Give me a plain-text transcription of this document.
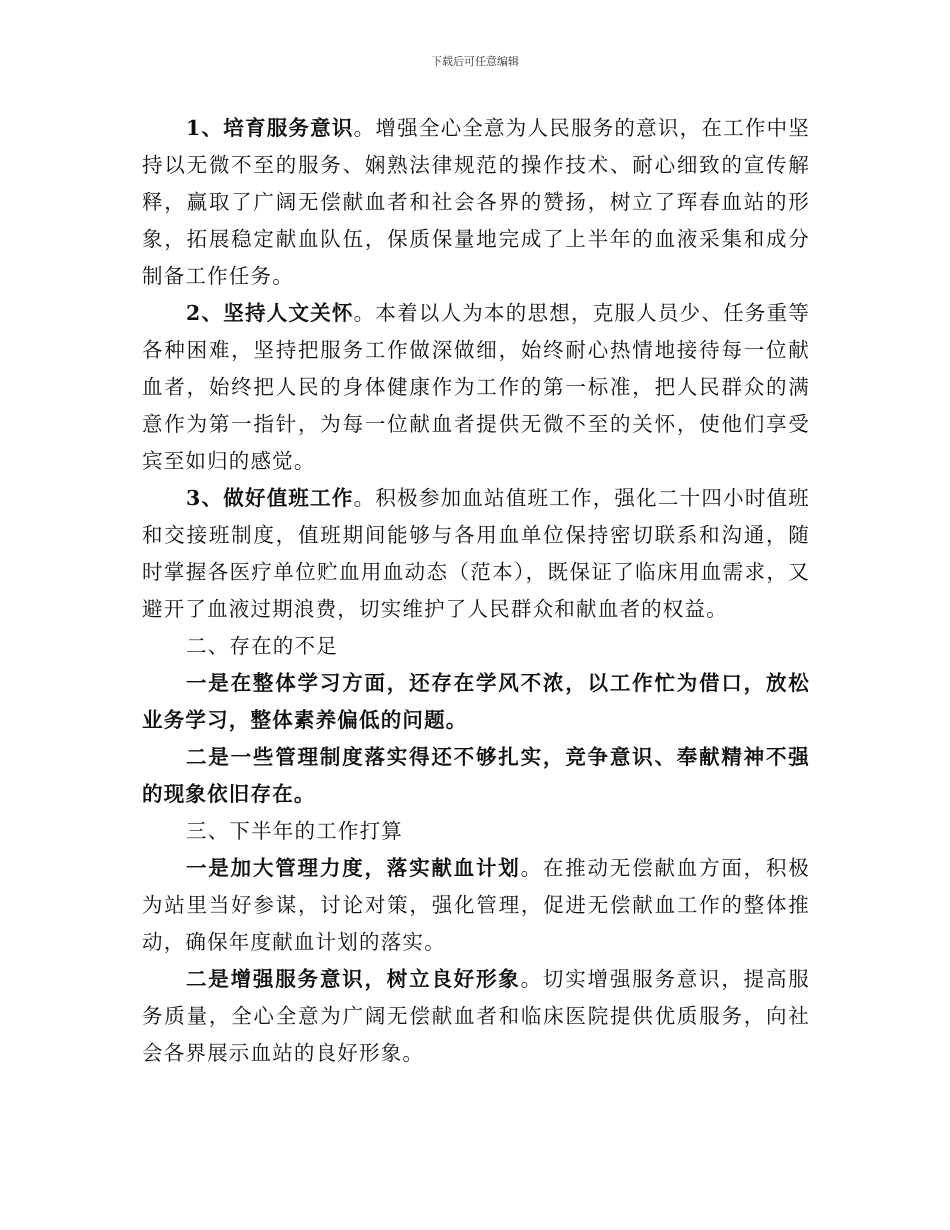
下载后可任意编辑

1、培育服务意识。增强全心全意为人民服务的意识，在工作中坚持以无微不至的服务、娴熟法律规范的操作技术、耐心细致的宣传解释，赢取了广阔无偿献血者和社会各界的赞扬，树立了珲春血站的形象，拓展稳定献血队伍，保质保量地完成了上半年的血液采集和成分制备工作任务。

2、坚持人文关怀。本着以人为本的思想，克服人员少、任务重等各种困难，坚持把服务工作做深做细，始终耐心热情地接待每一位献血者，始终把人民的身体健康作为工作的第一标准，把人民群众的满意作为第一指针，为每一位献血者提供无微不至的关怀，使他们享受宾至如归的感觉。

3、做好值班工作。积极参加血站值班工作，强化二十四小时值班和交接班制度，值班期间能够与各用血单位保持密切联系和沟通，随时掌握各医疗单位贮血用血动态（范本），既保证了临床用血需求，又避开了血液过期浪费，切实维护了人民群众和献血者的权益。

二、存在的不足

一是在整体学习方面，还存在学风不浓，以工作忙为借口，放松业务学习，整体素养偏低的问题。

二是一些管理制度落实得还不够扎实，竞争意识、奉献精神不强的现象依旧存在。

三、下半年的工作打算

一是加大管理力度，落实献血计划。在推动无偿献血方面，积极为站里当好参谋，讨论对策，强化管理，促进无偿献血工作的整体推动，确保年度献血计划的落实。

二是增强服务意识，树立良好形象。切实增强服务意识，提高服务质量，全心全意为广阔无偿献血者和临床医院提供优质服务，向社会各界展示血站的良好形象。
